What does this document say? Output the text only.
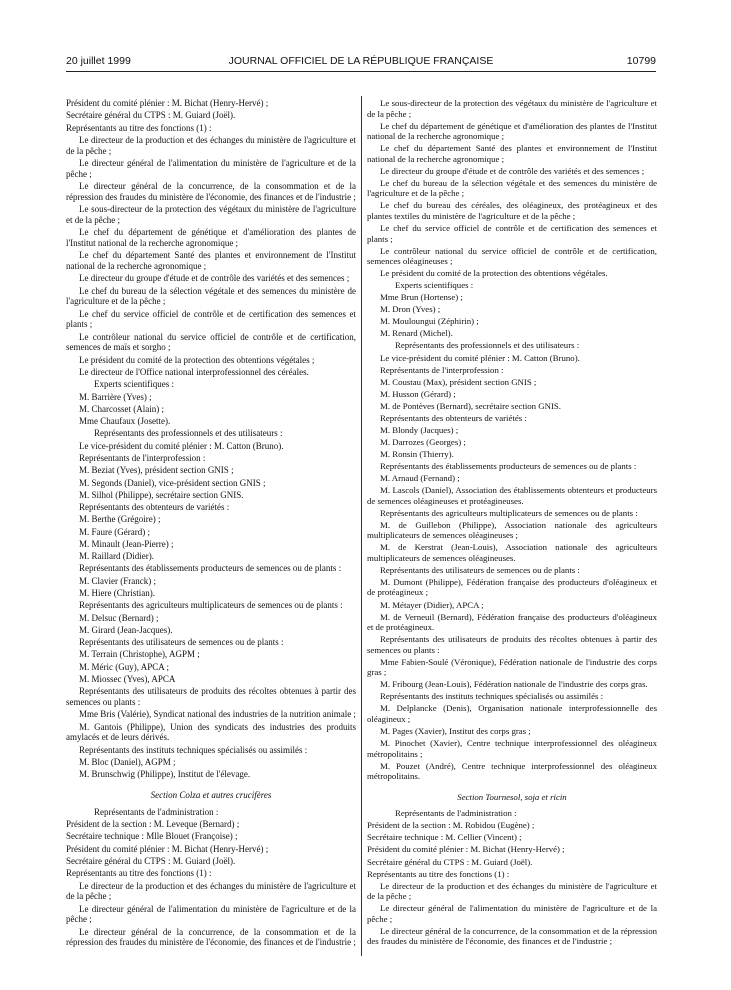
20 juillet 1999	JOURNAL OFFICIEL DE LA RÉPUBLIQUE FRANÇAISE	10799

Président du comité plénier : M. Bichat (Henry-Hervé) ;

Secrétaire général du CTPS : M. Guiard (Joël).

Représentants au titre des fonctions (1) :

Le directeur de la production et des échanges du ministère de l'agriculture et de la pêche ;

Le directeur général de l'alimentation du ministère de l'agriculture et de la pêche ;

Le directeur général de la concurrence, de la consommation et de la répression des fraudes du ministère de l'économie, des finances et de l'industrie ;

Le sous-directeur de la protection des végétaux du ministère de l'agriculture et de la pêche ;

Le chef du département de génétique et d'amélioration des plantes de l'Institut national de la recherche agronomique ;

Le chef du département Santé des plantes et environnement de l'Institut national de la recherche agronomique ;

Le directeur du groupe d'étude et de contrôle des variétés et des semences ;

Le chef du bureau de la sélection végétale et des semences du ministère de l'agriculture et de la pêche ;

Le chef du service officiel de contrôle et de certification des semences et plants ;

Le contrôleur national du service officiel de contrôle et de certification, semences de maïs et sorgho ;

Le président du comité de la protection des obtentions végétales ;

Le directeur de l'Office national interprofessionnel des céréales.

Experts scientifiques :

M. Barrière (Yves) ;

M. Charcosset (Alain) ;

Mme Chaufaux (Josette).

Représentants des professionnels et des utilisateurs :

Le vice-président du comité plénier : M. Catton (Bruno).

Représentants de l'interprofession :

M. Beziat (Yves), président section GNIS ;

M. Segonds (Daniel), vice-président section GNIS ;

M. Silhol (Philippe), secrétaire section GNIS.

Représentants des obtenteurs de variétés :

M. Berthe (Grégoire) ;

M. Faure (Gérard) ;

M. Minault (Jean-Pierre) ;

M. Raillard (Didier).

Représentants des établissements producteurs de semences ou de plants :

M. Clavier (Franck) ;

M. Hiere (Christian).

Représentants des agriculteurs multiplicateurs de semences ou de plants :

M. Delsuc (Bernard) ;

M. Girard (Jean-Jacques).

Représentants des utilisateurs de semences ou de plants :

M. Terrain (Christophe), AGPM ;

M. Méric (Guy), APCA ;

M. Miossec (Yves), APCA

Représentants des utilisateurs de produits des récoltes obtenues à partir des semences ou plants :

Mme Bris (Valérie), Syndicat national des industries de la nutrition animale ;

M. Gantois (Philippe), Union des syndicats des industries des produits amylacés et de leurs dérivés.

Représentants des instituts techniques spécialisés ou assimilés :

M. Bloc (Daniel), AGPM ;

M. Brunschwig (Philippe), Institut de l'élevage.

Section Colza et autres crucifères

Représentants de l'administration :

Président de la section : M. Leveque (Bernard) ;

Secrétaire technique : Mlle Blouet (Françoise) ;

Président du comité plénier : M. Bichat (Henry-Hervé) ;

Secrétaire général du CTPS : M. Guiard (Joël).

Représentants au titre des fonctions (1) :

Le directeur de la production et des échanges du ministère de l'agriculture et de la pêche ;

Le directeur général de l'alimentation du ministère de l'agriculture et de la pêche ;

Le directeur général de la concurrence, de la consommation et de la répression des fraudes du ministère de l'économie, des finances et de l'industrie ;

Le sous-directeur de la protection des végétaux du ministère de l'agriculture et de la pêche ;

Le chef du département de génétique et d'amélioration des plantes de l'Institut national de la recherche agronomique ;

Le chef du département Santé des plantes et environnement de l'Institut national de la recherche agronomique ;

Le directeur du groupe d'étude et de contrôle des variétés et des semences ;

Le chef du bureau de la sélection végétale et des semences du ministère de l'agriculture et de la pêche ;

Le chef du bureau des céréales, des oléagineux, des protéagineux et des plantes textiles du ministère de l'agriculture et de la pêche ;

Le chef du service officiel de contrôle et de certification des semences et plants ;

Le contrôleur national du service officiel de contrôle et de certification, semences oléagineuses ;

Le président du comité de la protection des obtentions végétales.

Experts scientifiques :

Mme Brun (Hortense) ;

M. Dron (Yves) ;

M. Mouloungui (Zéphirin) ;

M. Renard (Michel).

Représentants des professionnels et des utilisateurs :

Le vice-président du comité plénier : M. Catton (Bruno).

Représentants de l'interprofession :

M. Coustau (Max), président section GNIS ;

M. Husson (Gérard) ;

M. de Pontèves (Bernard), secrétaire section GNIS.

Représentants des obtenteurs de variétés :

M. Blondy (Jacques) ;

M. Darrozes (Georges) ;

M. Ronsin (Thierry).

Représentants des établissements producteurs de semences ou de plants :

M. Arnaud (Fernand) ;

M. Lascols (Daniel), Association des établissements obtenteurs et producteurs de semences oléagineuses et protéagineuses.

Représentants des agriculteurs multiplicateurs de semences ou de plants :

M. de Guillebon (Philippe), Association nationale des agriculteurs multiplicateurs de semences oléagineuses ;

M. de Kerstrat (Jean-Louis), Association nationale des agriculteurs multiplicateurs de semences oléagineuses.

Représentants des utilisateurs de semences ou de plants :

M. Dumont (Philippe), Fédération française des producteurs d'oléagineux et de protéagineux ;

M. Métayer (Didier), APCA ;

M. de Verneuil (Bernard), Fédération française des producteurs d'oléagineux et de protéagineux.

Représentants des utilisateurs de produits des récoltes obtenues à partir des semences ou plants :

Mme Fabien-Soulé (Véronique), Fédération nationale de l'industrie des corps gras ;

M. Fribourg (Jean-Louis), Fédération nationale de l'industrie des corps gras.

Représentants des instituts techniques spécialisés ou assimilés :

M. Delplancke (Denis), Organisation nationale interprofessionnelle des oléagineux ;

M. Pages (Xavier), Institut des corps gras ;

M. Pinochet (Xavier), Centre technique interprofessionnel des oléagineux métropolitains ;

M. Pouzet (André), Centre technique interprofessionnel des oléagineux métropolitains.

Section Tournesol, soja et ricin

Représentants de l'administration :

Président de la section : M. Robidou (Eugène) ;

Secrétaire technique : M. Cellier (Vincent) ;

Président du comité plénier : M. Bichat (Henry-Hervé) ;

Secrétaire général du CTPS : M. Guiard (Joël).

Représentants au titre des fonctions (1) :

Le directeur de la production et des échanges du ministère de l'agriculture et de la pêche ;

Le directeur général de l'alimentation du ministère de l'agriculture et de la pêche ;

Le directeur général de la concurrence, de la consommation et de la répression des fraudes du ministère de l'économie, des finances et de l'industrie ;
